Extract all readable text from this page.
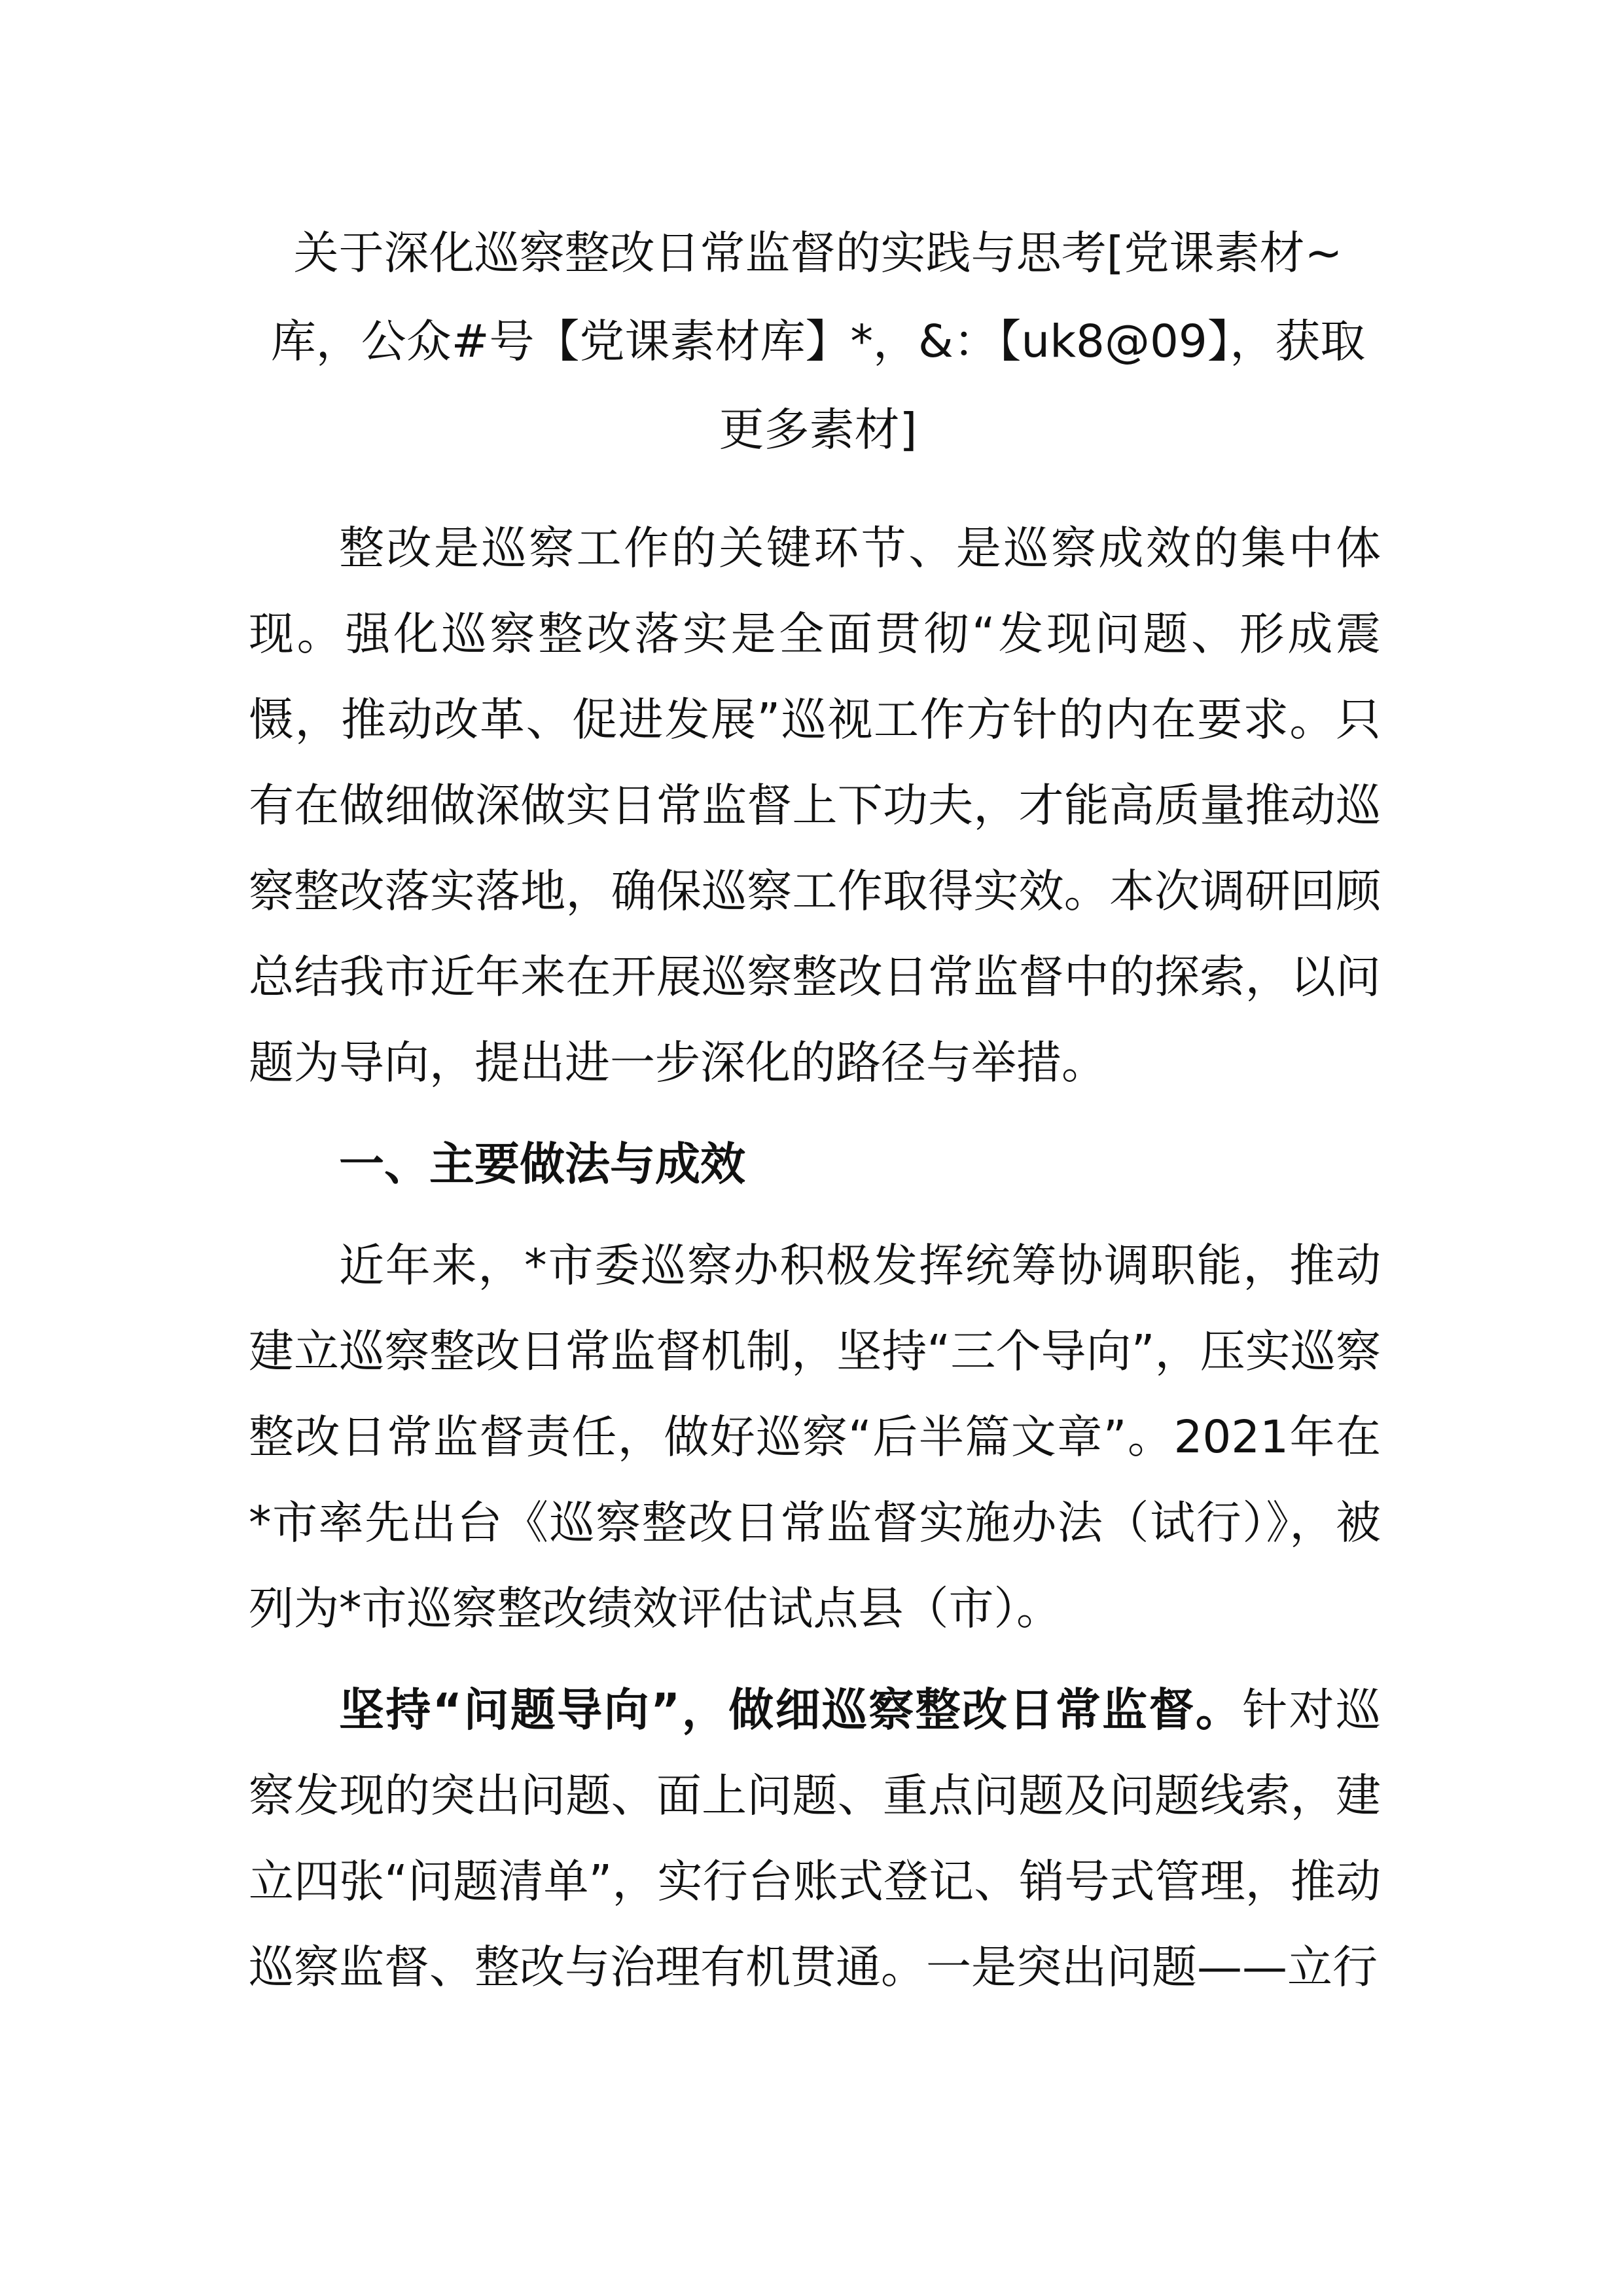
关于深化巡察整改日常监督的实践与思考[党课素材~库，公众#号【党课素材库】*，&：【uk8@09】，获取更多素材]

整改是巡察工作的关键环节、是巡察成效的集中体现。强化巡察整改落实是全面贯彻“发现问题、形成震慑，推动改革、促进发展”巡视工作方针的内在要求。只有在做细做深做实日常监督上下功夫，才能高质量推动巡察整改落实落地，确保巡察工作取得实效。本次调研回顾总结我市近年来在开展巡察整改日常监督中的探索，以问题为导向，提出进一步深化的路径与举措。

一、主要做法与成效

近年来，*市委巡察办积极发挥统筹协调职能，推动建立巡察整改日常监督机制，坚持“三个导向”，压实巡察整改日常监督责任，做好巡察“后半篇文章”。2021年在*市率先出台《巡察整改日常监督实施办法（试行）》，被列为*市巡察整改绩效评估试点县（市）。

坚持“问题导向”，做细巡察整改日常监督。针对巡察发现的突出问题、面上问题、重点问题及问题线索，建立四张“问题清单”，实行台账式登记、销号式管理，推动巡察监督、整改与治理有机贯通。一是突出问题——立行
